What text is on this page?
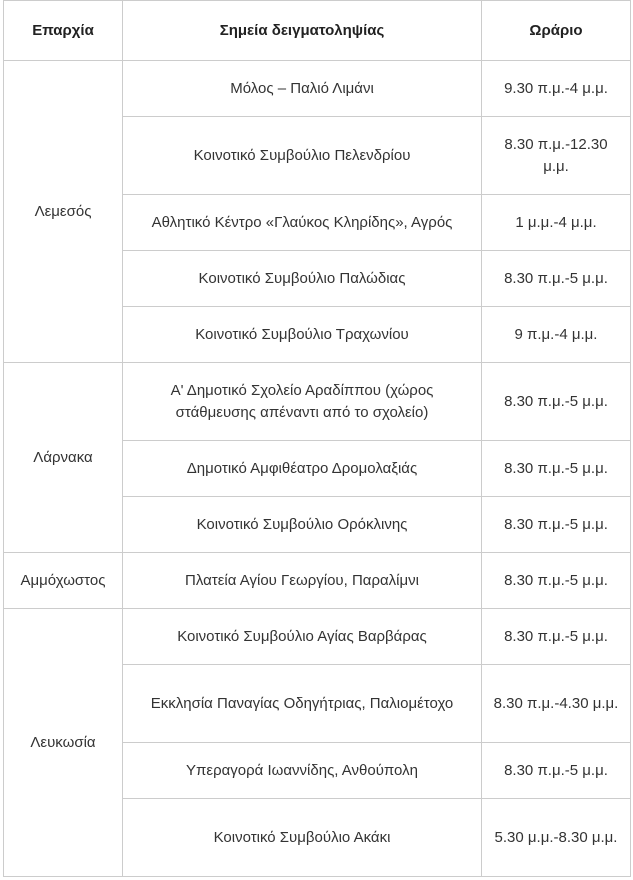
Επαρχία	Σημεία δειγματοληψίας	Ωράριο
Λεμεσός	Μόλος – Παλιό Λιμάνι	9.30 π.μ.-4 μ.μ.
	Κοινοτικό Συμβούλιο Πελενδρίου	8.30 π.μ.-12.30 μ.μ.
	Αθλητικό Κέντρο «Γλαύκος Κληρίδης», Αγρός	1 μ.μ.-4 μ.μ.
	Κοινοτικό Συμβούλιο Παλώδιας	8.30 π.μ.-5 μ.μ.
	Κοινοτικό Συμβούλιο Τραχωνίου	9 π.μ.-4 μ.μ.
Λάρνακα	Α' Δημοτικό Σχολείο Αραδίππου (χώρος στάθμευσης απέναντι από το σχολείο)	8.30 π.μ.-5 μ.μ.
	Δημοτικό Αμφιθέατρο Δρομολαξιάς	8.30 π.μ.-5 μ.μ.
	Κοινοτικό Συμβούλιο Ορόκλινης	8.30 π.μ.-5 μ.μ.
Αμμόχωστος	Πλατεία Αγίου Γεωργίου, Παραλίμνι	8.30 π.μ.-5 μ.μ.
Λευκωσία	Κοινοτικό Συμβούλιο Αγίας Βαρβάρας	8.30 π.μ.-5 μ.μ.
	Εκκλησία Παναγίας Οδηγήτριας, Παλιομέτοχο	8.30 π.μ.-4.30 μ.μ.
	Υπεραγορά Ιωαννίδης, Ανθούπολη	8.30 π.μ.-5 μ.μ.
	Κοινοτικό Συμβούλιο Ακάκι	5.30 μ.μ.-8.30 μ.μ.
